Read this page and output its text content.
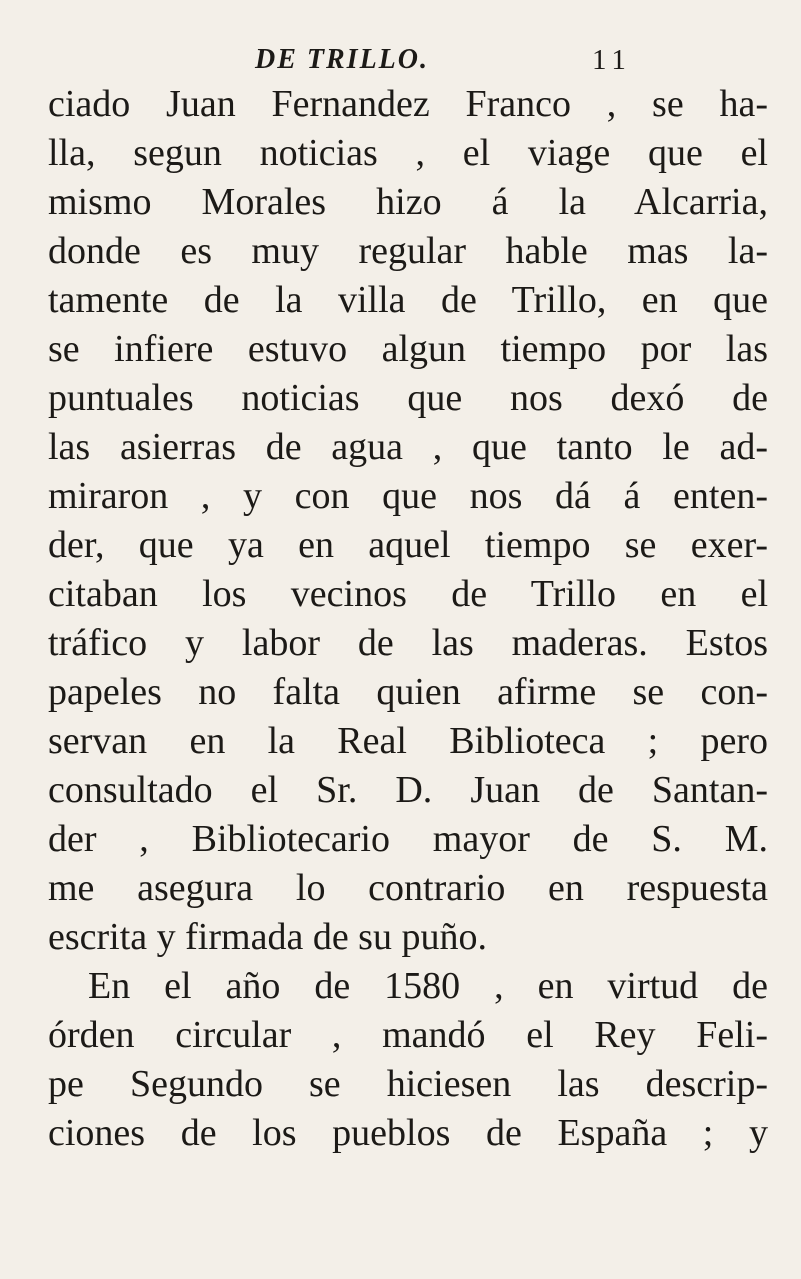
DE TRILLO.	11
ciado Juan Fernandez Franco , se ha-
lla, segun noticias , el viage que el
mismo Morales hizo á la Alcarria,
donde es muy regular hable mas la-
tamente de la villa de Trillo, en que
se infiere estuvo algun tiempo por las
puntuales noticias que nos dexó de
las asierras de agua , que tanto le ad-
miraron , y con que nos dá á enten-
der, que ya en aquel tiempo se exer-
citaban los vecinos de Trillo en el
tráfico y labor de las maderas. Estos
papeles no falta quien afirme se con-
servan en la Real Biblioteca ; pero
consultado el Sr. D. Juan de Santan-
der , Bibliotecario mayor de S. M.
me asegura lo contrario en respuesta
escrita y firmada de su puño.
En el año de 1580 , en virtud de
órden circular , mandó el Rey Feli-
pe Segundo se hiciesen las descrip-
ciones de los pueblos de España ; y
